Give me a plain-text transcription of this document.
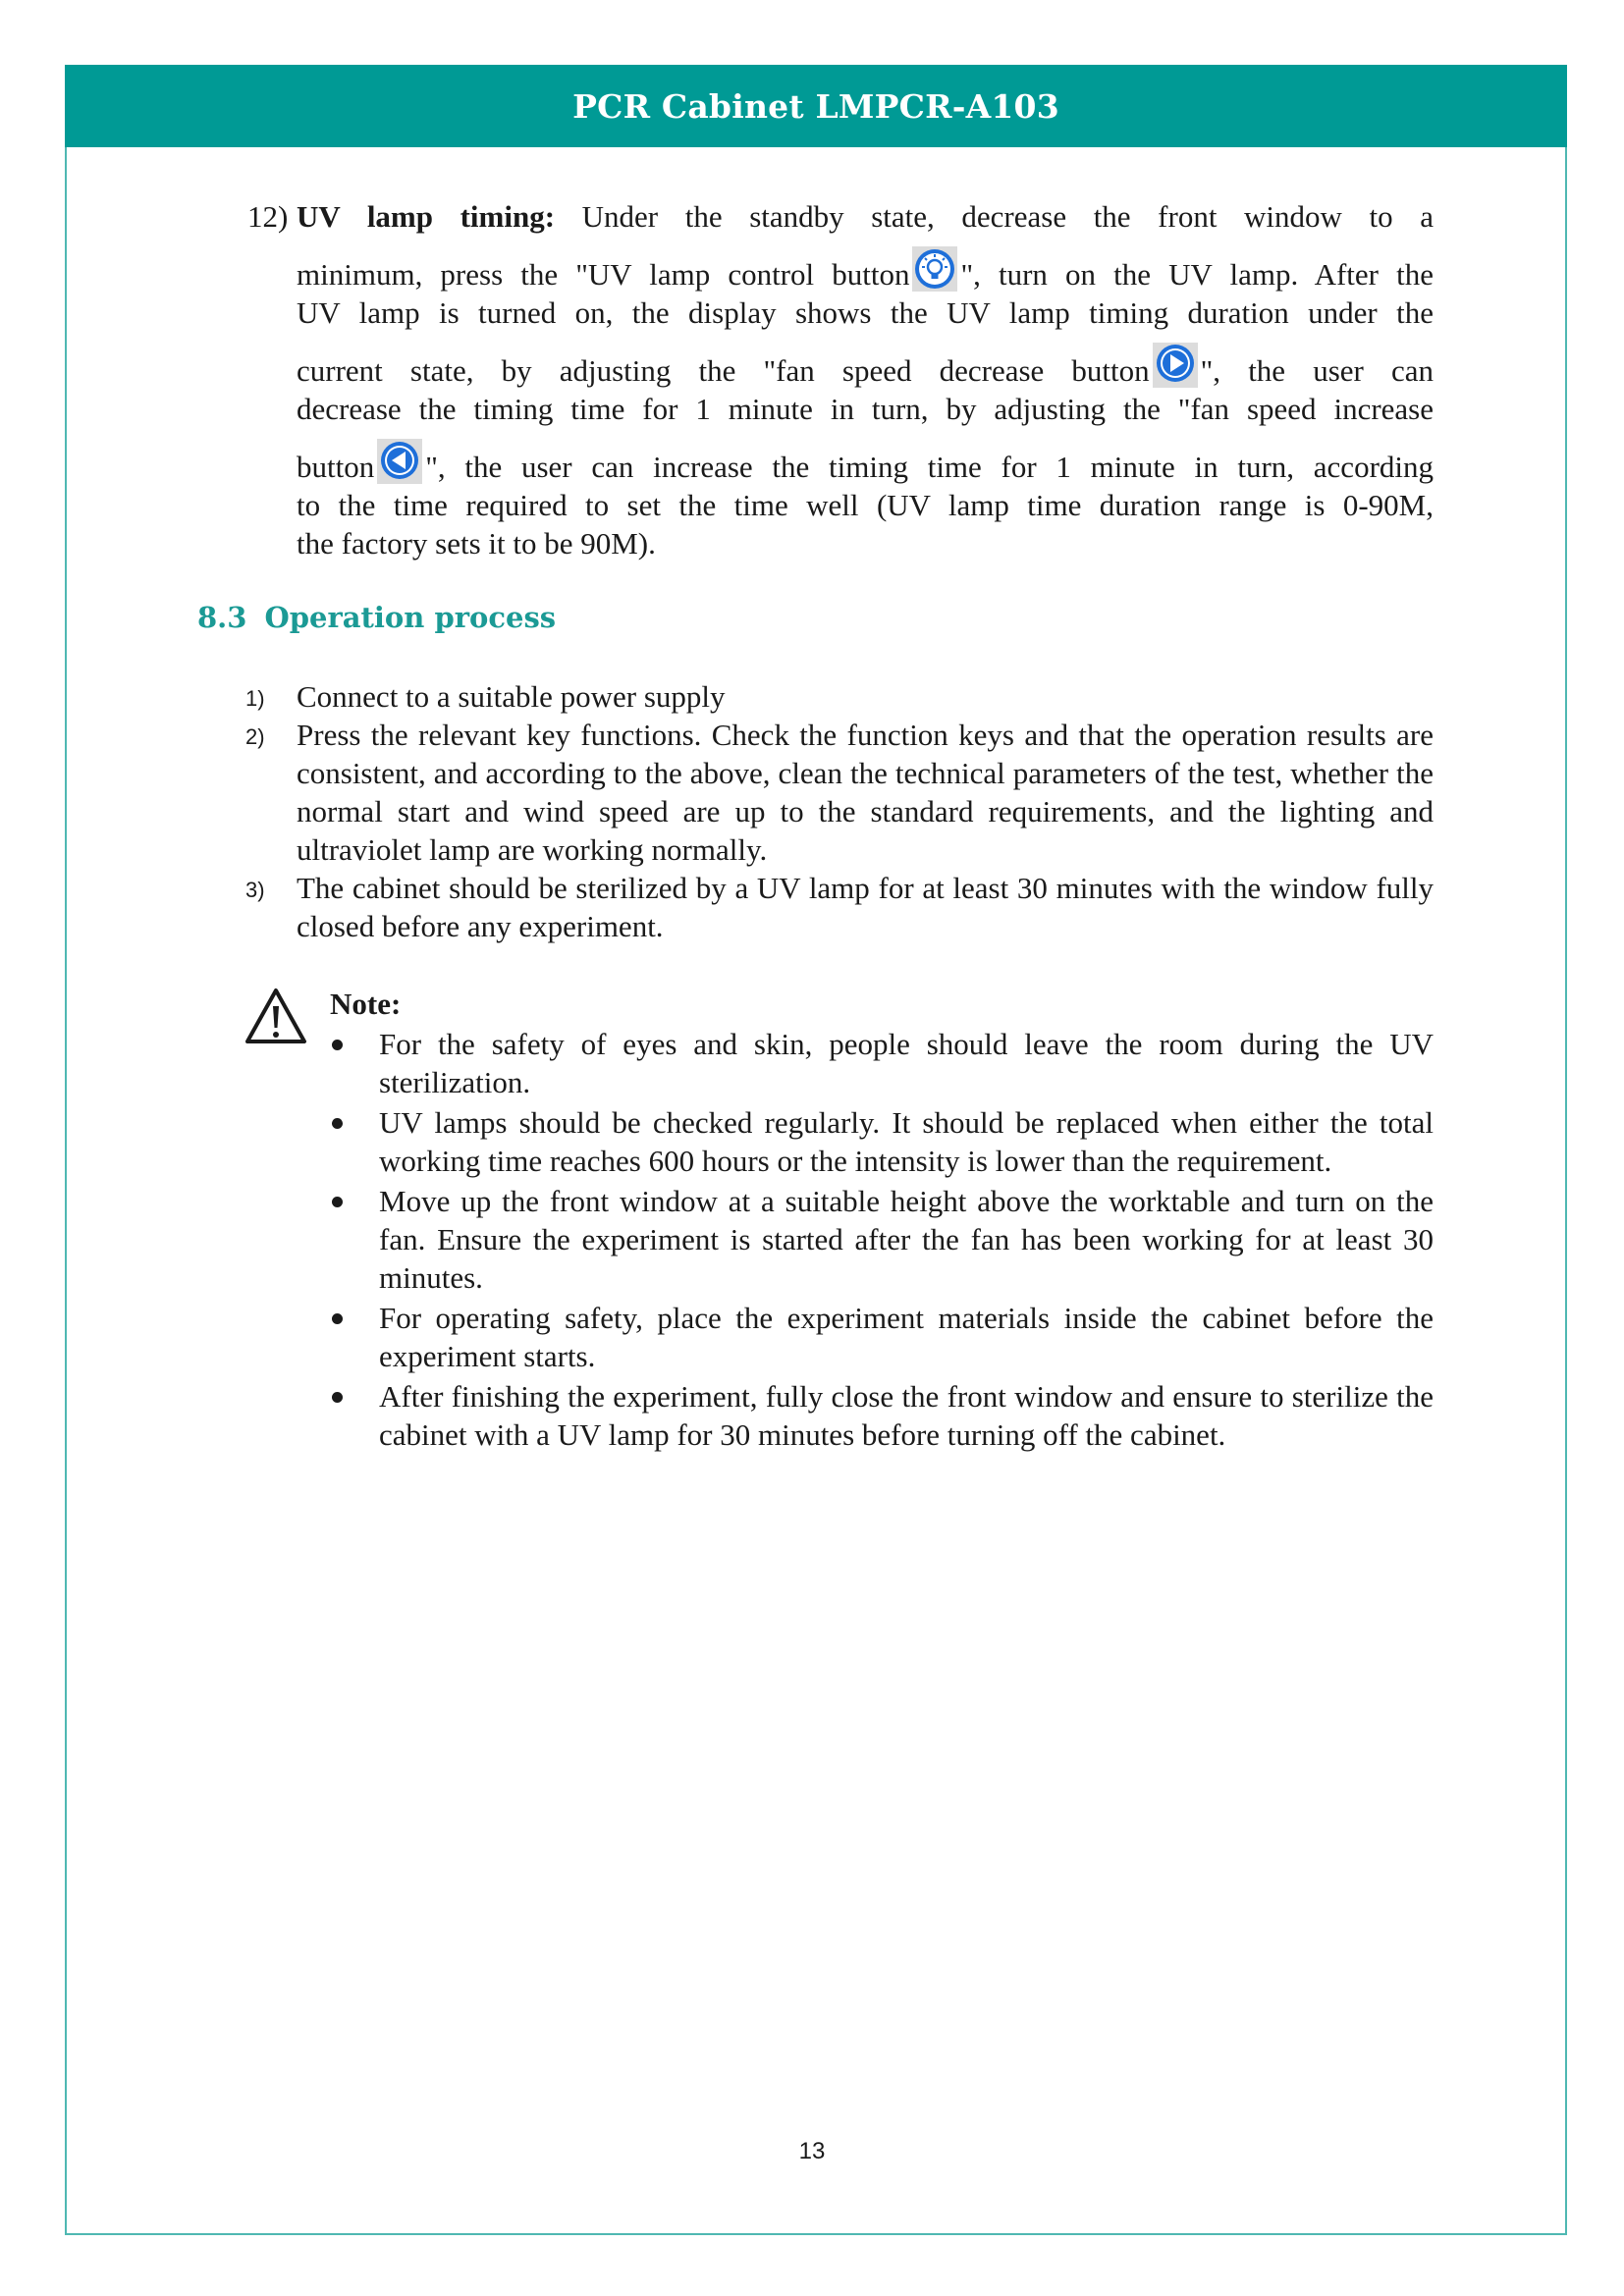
PCR Cabinet LMPCR-A103
12) UV lamp timing: Under the standby state, decrease the front window to a
minimum, press the "UV lamp control button ", turn on the UV lamp. After the
UV lamp is turned on, the display shows the UV lamp timing duration under the
current state, by adjusting the "fan speed decrease button ", the user can
decrease the timing time for 1 minute in turn, by adjusting the "fan speed increase
button ", the user can increase the timing time for 1 minute in turn, according
to the time required to set the time well (UV lamp time duration range is 0-90M,
the factory sets it to be 90M).
8.3 Operation process
1) Connect to a suitable power supply
2) Press the relevant key functions. Check the function keys and that the operation results are consistent, and according to the above, clean the technical parameters of the test, whether the normal start and wind speed are up to the standard requirements, and the lighting and ultraviolet lamp are working normally.
3) The cabinet should be sterilized by a UV lamp for at least 30 minutes with the window fully closed before any experiment.
Note:
For the safety of eyes and skin, people should leave the room during the UV sterilization.
UV lamps should be checked regularly. It should be replaced when either the total working time reaches 600 hours or the intensity is lower than the requirement.
Move up the front window at a suitable height above the worktable and turn on the fan. Ensure the experiment is started after the fan has been working for at least 30 minutes.
For operating safety, place the experiment materials inside the cabinet before the experiment starts.
After finishing the experiment, fully close the front window and ensure to sterilize the cabinet with a UV lamp for 30 minutes before turning off the cabinet.
13
